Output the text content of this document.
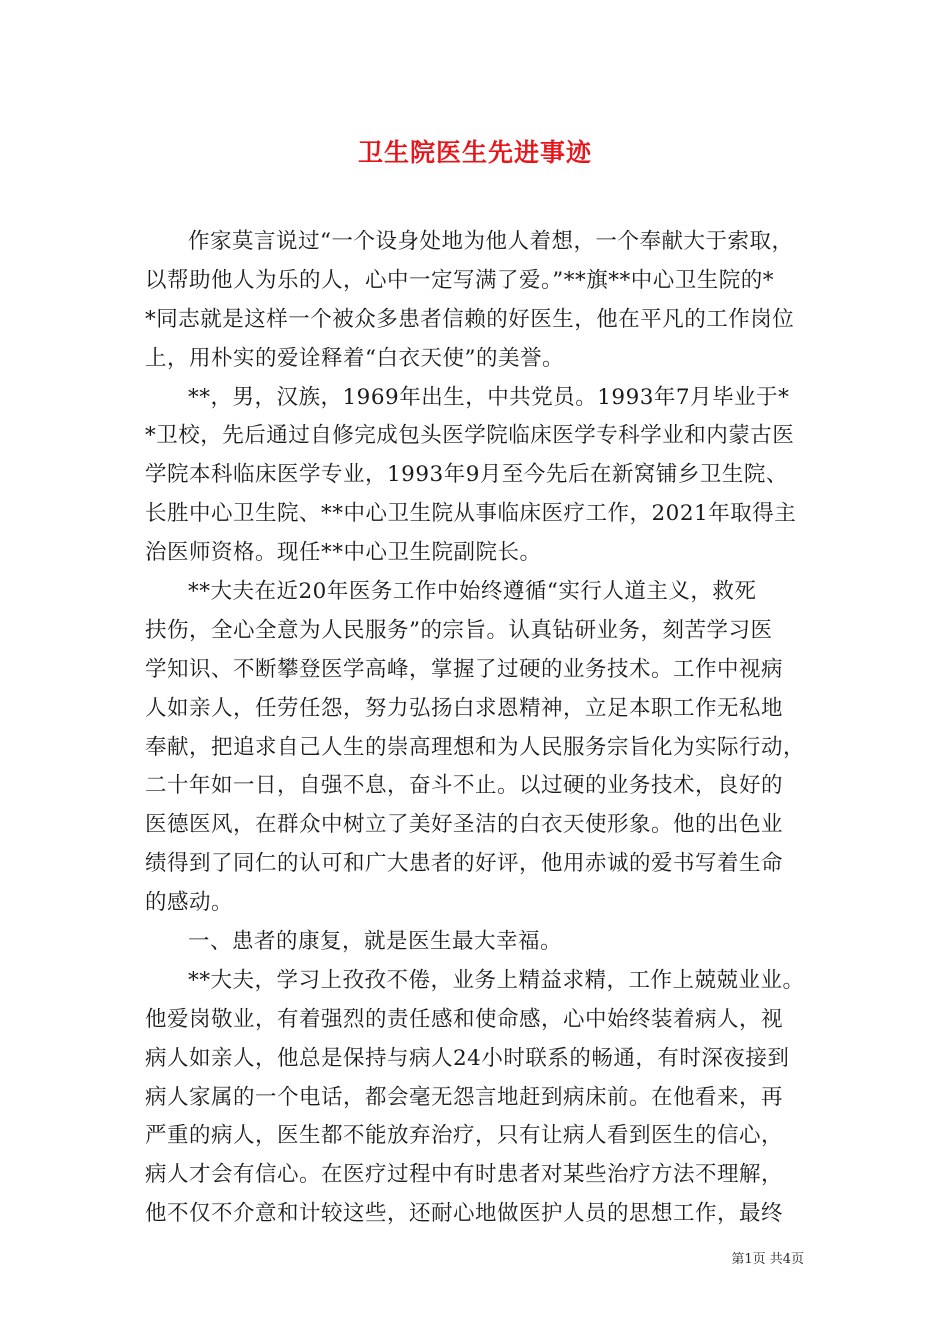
卫生院医生先进事迹
作家莫言说过“一个设身处地为他人着想，一个奉献大于索取，
以帮助他人为乐的人，心中一定写满了爱。”**旗**中心卫生院的*
*同志就是这样一个被众多患者信赖的好医生，他在平凡的工作岗位
上，用朴实的爱诠释着“白衣天使”的美誉。
**，男，汉族，1969年出生，中共党员。1993年7月毕业于*
*卫校，先后通过自修完成包头医学院临床医学专科学业和内蒙古医
学院本科临床医学专业，1993年9月至今先后在新窝铺乡卫生院、
长胜中心卫生院、**中心卫生院从事临床医疗工作，2021年取得主
治医师资格。现任**中心卫生院副院长。
**大夫在近20年医务工作中始终遵循“实行人道主义，救死
扶伤，全心全意为人民服务”的宗旨。认真钻研业务，刻苦学习医
学知识、不断攀登医学高峰，掌握了过硬的业务技术。工作中视病
人如亲人，任劳任怨，努力弘扬白求恩精神，立足本职工作无私地
奉献，把追求自己人生的崇高理想和为人民服务宗旨化为实际行动，
二十年如一日，自强不息，奋斗不止。以过硬的业务技术，良好的
医德医风，在群众中树立了美好圣洁的白衣天使形象。他的出色业
绩得到了同仁的认可和广大患者的好评，他用赤诚的爱书写着生命
的感动。
一、患者的康复，就是医生最大幸福。
**大夫，学习上孜孜不倦，业务上精益求精，工作上兢兢业业。
他爱岗敬业，有着强烈的责任感和使命感，心中始终装着病人，视
病人如亲人，他总是保持与病人24小时联系的畅通，有时深夜接到
病人家属的一个电话，都会毫无怨言地赶到病床前。在他看来，再
严重的病人，医生都不能放弃治疗，只有让病人看到医生的信心，
病人才会有信心。在医疗过程中有时患者对某些治疗方法不理解，
他不仅不介意和计较这些，还耐心地做医护人员的思想工作，最终
第1页 共4页
